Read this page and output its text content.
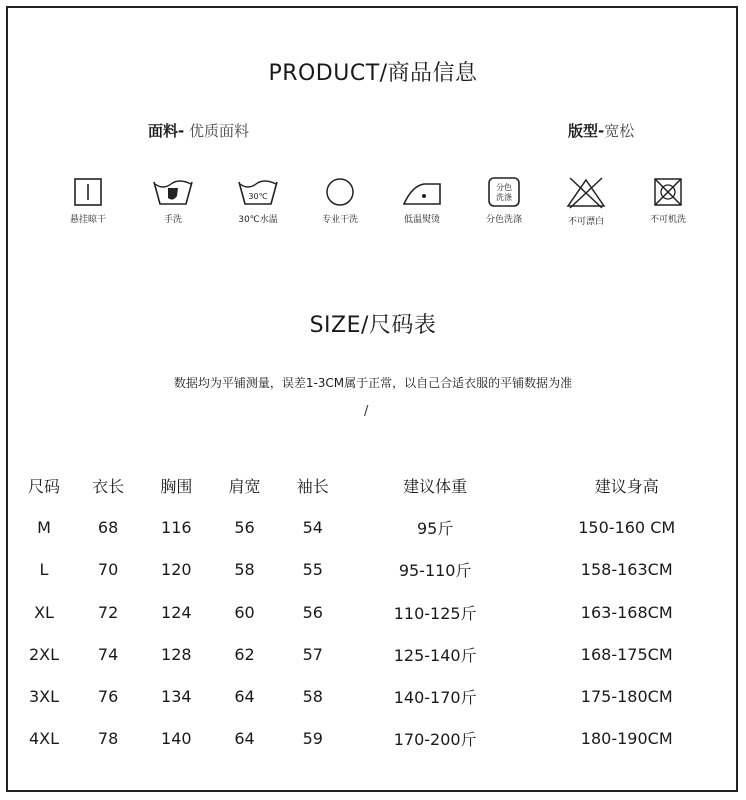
PRODUCT/商品信息
面料- 优质面料	版型-宽松
悬挂晾干	手洗
30℃
30℃水温	专业干洗	低温熨烫
分色
洗涤
分色洗涤	不可漂白	不可机洗
SIZE/尺码表
数据均为平铺测量，误差1-3CM属于正常，以自己合适衣服的平铺数据为准
/
尺码	衣长	胸围	肩宽	袖长	建议体重	建议身高
M	68	116	56	54	95斤	150-160 CM
L	70	120	58	55	95-110斤	158-163CM
XL	72	124	60	56	110-125斤	163-168CM
2XL	74	128	62	57	125-140斤	168-175CM
3XL	76	134	64	58	140-170斤	175-180CM
4XL	78	140	64	59	170-200斤	180-190CM
